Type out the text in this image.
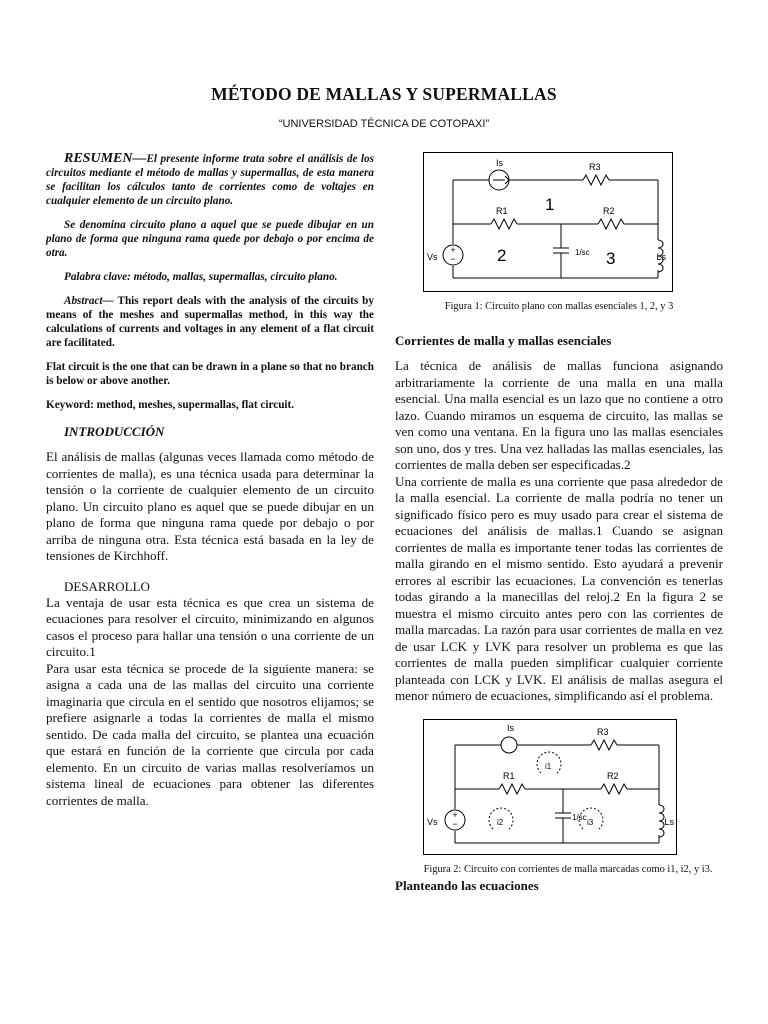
MÉTODO DE MALLAS Y SUPERMALLAS
“UNIVERSIDAD TÉCNICA DE COTOPAXI”

RESUMEN—El presente informe trata sobre el análisis de los circuitos mediante el método de mallas y supermallas, de esta manera se facilitan los cálculos tanto de corrientes como de voltajes en cualquier elemento de un circuito plano.

Se denomina circuito plano a aquel que se puede dibujar en un plano de forma que ninguna rama quede por debajo o por encima de otra.

Palabra clave: método, mallas, supermallas, circuito plano.

Abstract— This report deals with the analysis of the circuits by means of the meshes and supermallas method, in this way the calculations of currents and voltages in any element of a flat circuit are facilitated.

Flat circuit is the one that can be drawn in a plane so that no branch is below or above another.

Keyword: method, meshes, supermallas, flat circuit.

INTRODUCCIÓN

El análisis de mallas (algunas veces llamada como método de corrientes de malla), es una técnica usada para determinar la tensión o la corriente de cualquier elemento de un circuito plano. Un circuito plano es aquel que se puede dibujar en un plano de forma que ninguna rama quede por debajo o por arriba de ninguna otra. Esta técnica está basada en la ley de tensiones de Kirchhoff.

DESARROLLO

La ventaja de usar esta técnica es que crea un sistema de ecuaciones para resolver el circuito, minimizando en algunos casos el proceso para hallar una tensión o una corriente de un circuito.1

Para usar esta técnica se procede de la siguiente manera: se asigna a cada una de las mallas del circuito una corriente imaginaria que circula en el sentido que nosotros elijamos; se prefiere asignarle a todas la corrientes de malla el mismo sentido. De cada malla del circuito, se plantea una ecuación que estará en función de la corriente que circula por cada elemento. En un circuito de varias mallas resolveríamos un sistema lineal de ecuaciones para obtener las diferentes corrientes de malla.

+
−
Is	R3
R1	R2
Vs	1/sc	Ls
1
2	3

Figura 1: Circuito plano con mallas esenciales 1, 2, y 3

Corrientes de malla y mallas esenciales

La técnica de análisis de mallas funciona asignando arbitrariamente la corriente de una malla en una malla esencial. Una malla esencial es un lazo que no contiene a otro lazo. Cuando miramos un esquema de circuito, las mallas se ven como una ventana. En la figura uno las mallas esenciales son uno, dos y tres. Una vez halladas las mallas esenciales, las corrientes de malla deben ser especificadas.2

Una corriente de malla es una corriente que pasa alrededor de la malla esencial. La corriente de malla podría no tener un significado físico pero es muy usado para crear el sistema de ecuaciones del análisis de mallas.1 Cuando se asignan corrientes de malla es importante tener todas las corrientes de malla girando en el mismo sentido. Esto ayudará a prevenir errores al escribir las ecuaciones. La convención es tenerlas todas girando a la manecillas del reloj.2 En la figura 2 se muestra el mismo circuito antes pero con las corrientes de malla marcadas. La razón para usar corrientes de malla en vez de usar LCK y LVK para resolver un problema es que las corrientes de malla pueden simplificar cualquier corriente planteada con LCK y LVK. El análisis de mallas asegura el menor número de ecuaciones, simplificando así el problema.

+
−
Is	R3
R1	R2
Vs	1/sc	Ls
i1
i2	i3

Figura 2: Circuito con corrientes de malla marcadas como i1, i2, y i3.

Planteando las ecuaciones
